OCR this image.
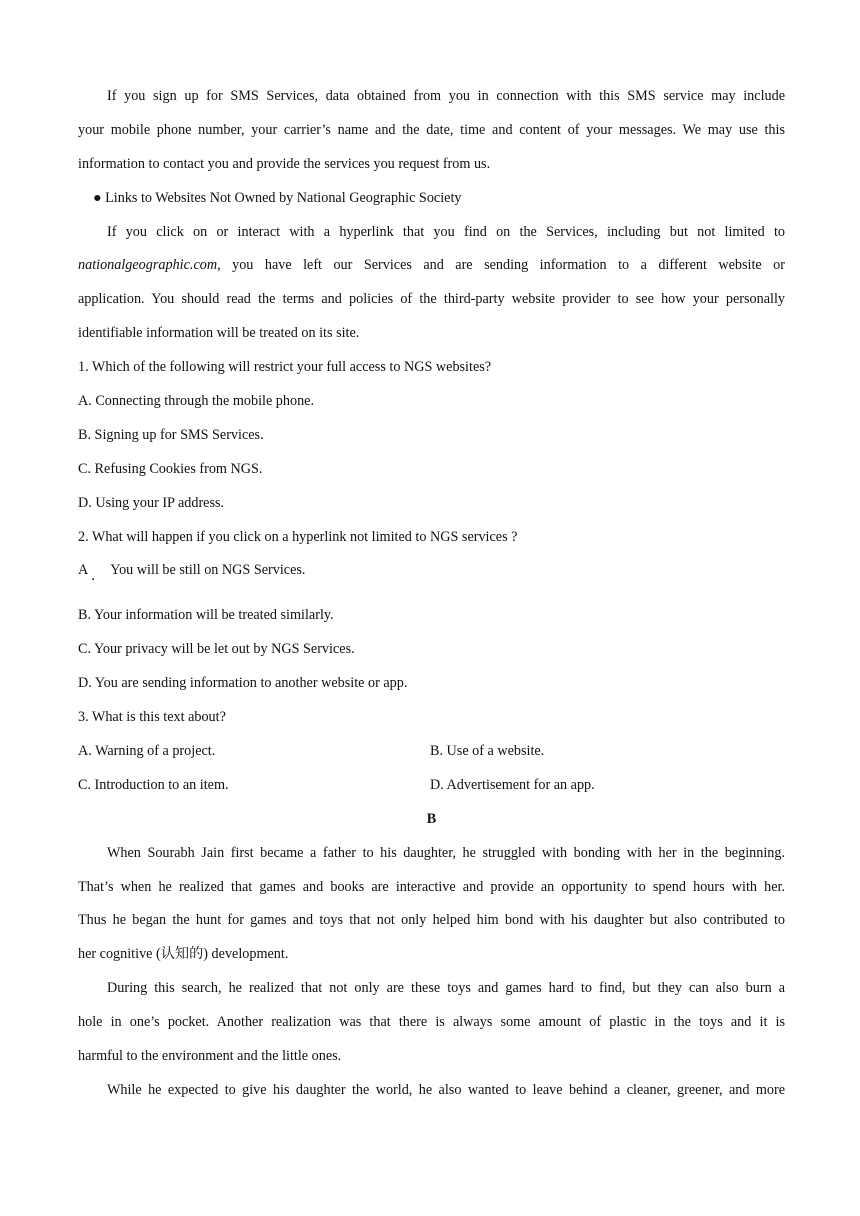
If you sign up for SMS Services, data obtained from you in connection with this SMS service may include
your mobile phone number, your carrier’s name and the date, time and content of your messages. We may use this
information to contact you and provide the services you request from us.
● Links to Websites Not Owned by National Geographic Society
If you click on or interact with a hyperlink that you find on the Services, including but not limited to
nationalgeographic.com, you have left our Services and are sending information to a different website or
application. You should read the terms and policies of the third-party website provider to see how your personally
identifiable information will be treated on its site.
1. Which of the following will restrict your full access to NGS websites?
A. Connecting through the mobile phone.
B. Signing up for SMS Services.
C. Refusing Cookies from NGS.
D. Using your IP address.
2. What will happen if you click on a hyperlink not limited to NGS services ?
A ． You will be still on NGS Services.
B. Your information will be treated similarly.
C. Your privacy will be let out by NGS Services.
D. You are sending information to another website or app.
3. What is this text about?
A. Warning of a project.	B. Use of a website.
C. Introduction to an item.	D. Advertisement for an app.
B
When Sourabh Jain first became a father to his daughter, he struggled with bonding with her in the beginning.
That’s when he realized that games and books are interactive and provide an opportunity to spend hours with her.
Thus he began the hunt for games and toys that not only helped him bond with his daughter but also contributed to
her cognitive (认知的) development.
During this search, he realized that not only are these toys and games hard to find, but they can also burn a
hole in one’s pocket. Another realization was that there is always some amount of plastic in the toys and it is
harmful to the environment and the little ones.
While he expected to give his daughter the world, he also wanted to leave behind a cleaner, greener, and more
